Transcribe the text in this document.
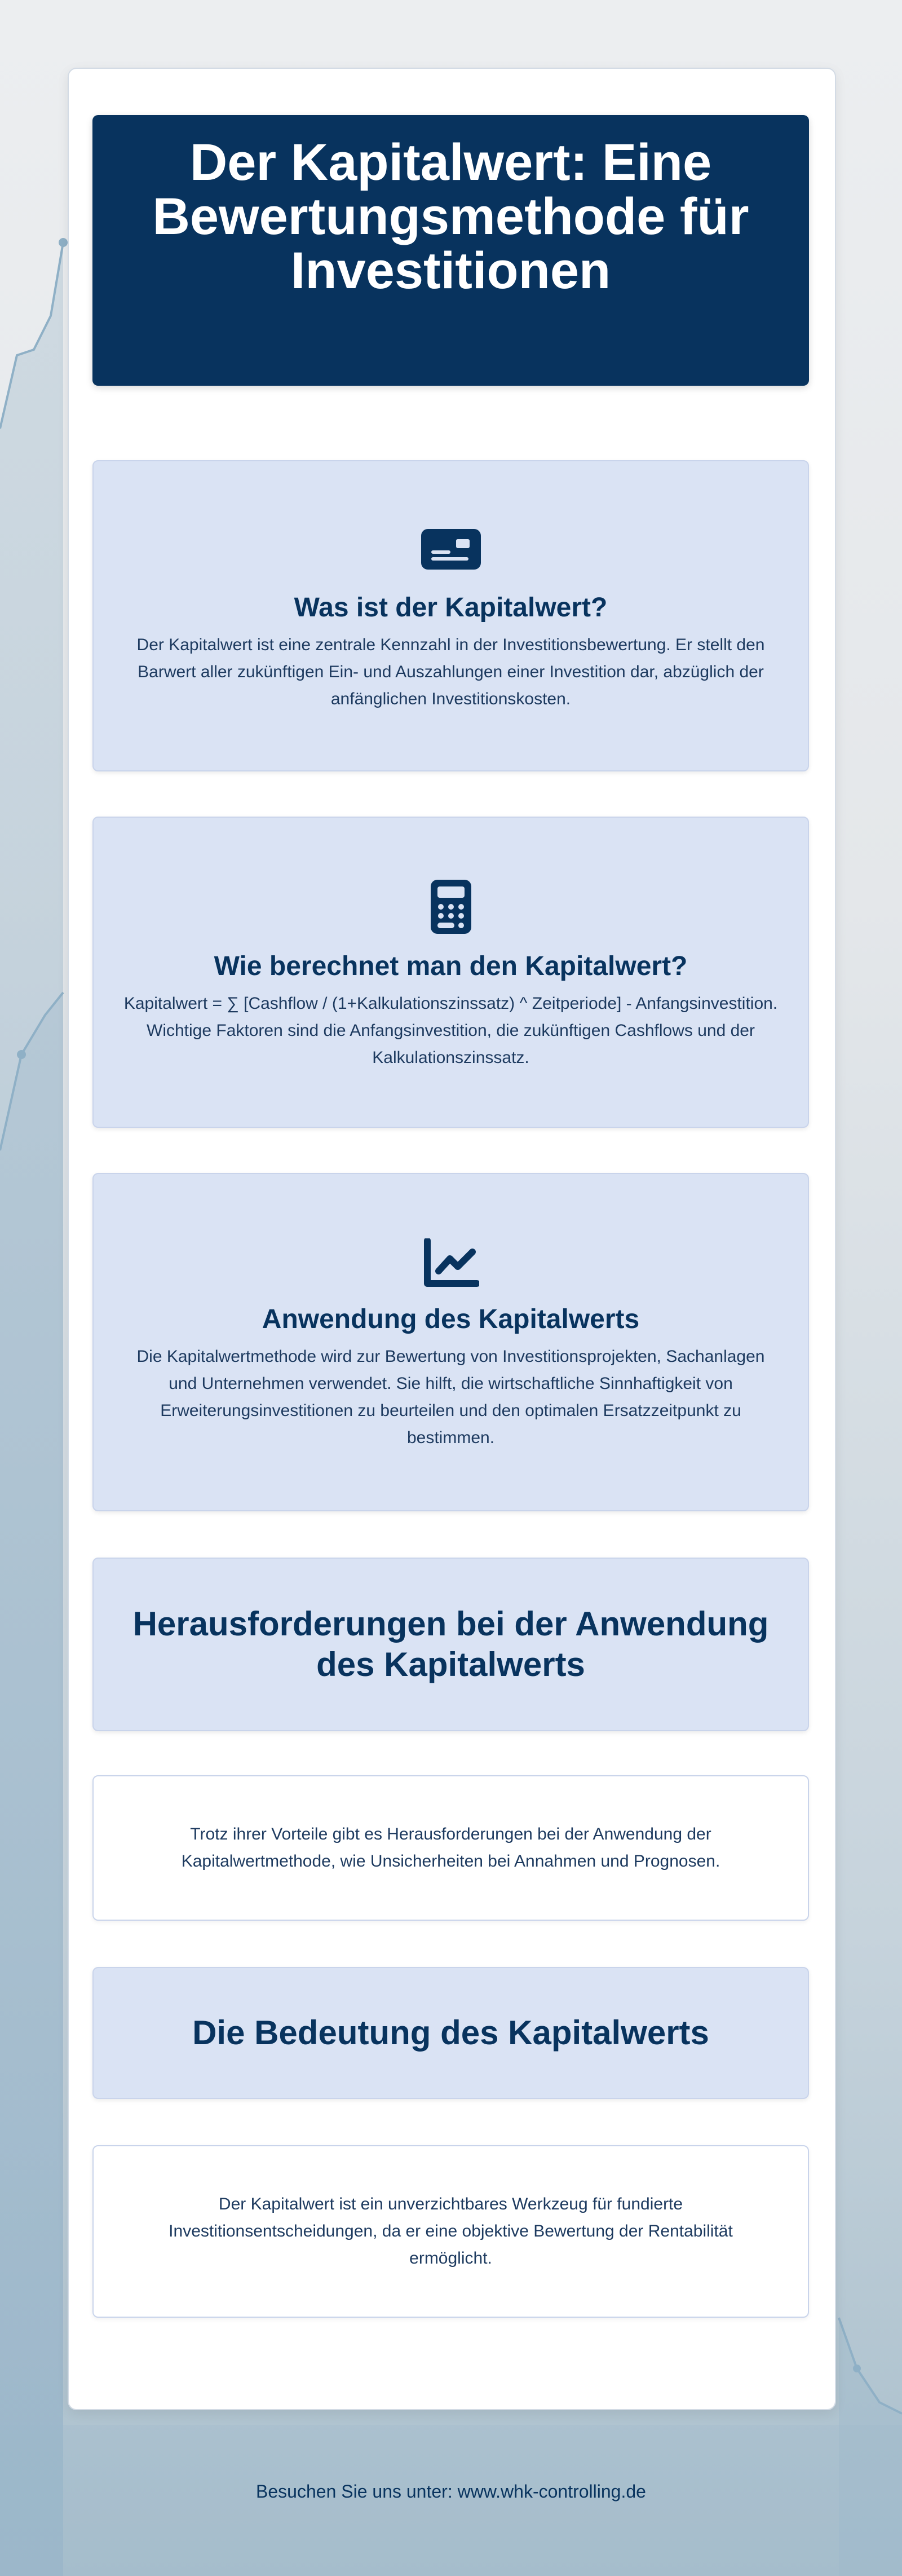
Der Kapitalwert: Eine Bewertungsmethode für Investitionen
Was ist der Kapitalwert?

Der Kapitalwert ist eine zentrale Kennzahl in der Investitionsbewertung. Er stellt den Barwert aller zukünftigen Ein- und Auszahlungen einer Investition dar, abzüglich der anfänglichen Investitionskosten.

Wie berechnet man den Kapitalwert?

Kapitalwert = ∑ [Cashflow / (1+Kalkulationszinssatz) ^ Zeitperiode] - Anfangsinvestition. Wichtige Faktoren sind die Anfangsinvestition, die zukünftigen Cashflows und der Kalkulationszinssatz.

Anwendung des Kapitalwerts

Die Kapitalwertmethode wird zur Bewertung von Investitionsprojekten, Sachanlagen und Unternehmen verwendet. Sie hilft, die wirtschaftliche Sinnhaftigkeit von Erweiterungsinvestitionen zu beurteilen und den optimalen Ersatzzeitpunkt zu bestimmen.

Herausforderungen bei der Anwendung des Kapitalwerts

Trotz ihrer Vorteile gibt es Herausforderungen bei der Anwendung der Kapitalwertmethode, wie Unsicherheiten bei Annahmen und Prognosen.

Die Bedeutung des Kapitalwerts

Der Kapitalwert ist ein unverzichtbares Werkzeug für fundierte Investitionsentscheidungen, da er eine objektive Bewertung der Rentabilität ermöglicht.

Besuchen Sie uns unter: www.whk-controlling.de
